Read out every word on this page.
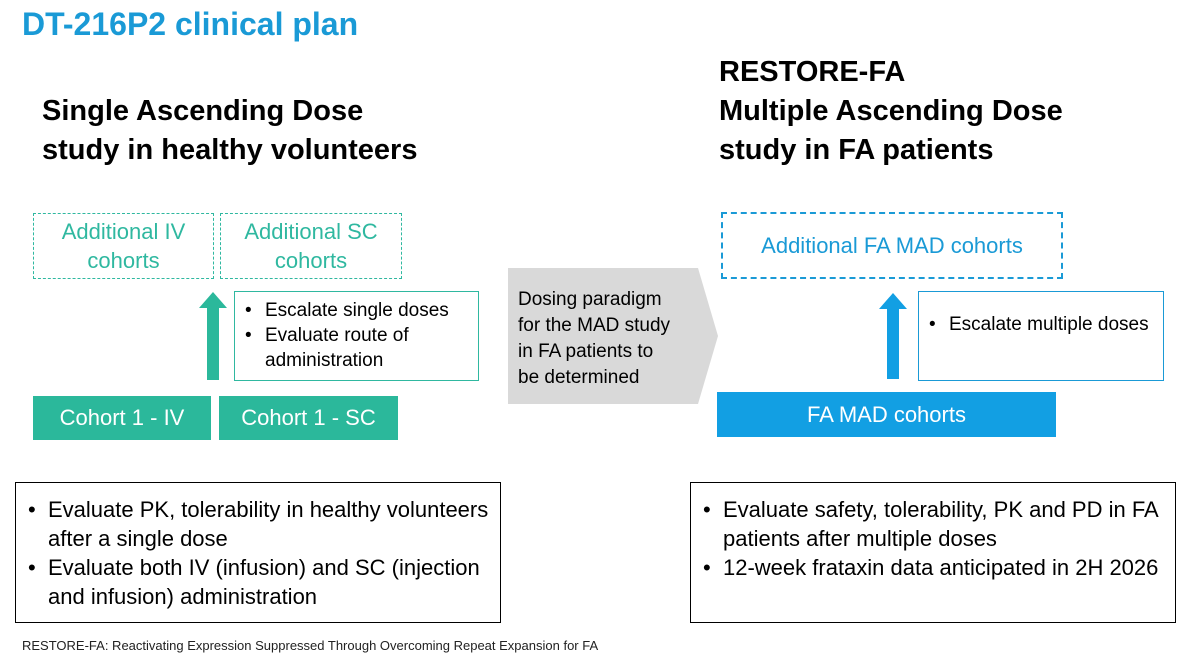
DT-216P2 clinical plan
Single Ascending Dose
study in healthy volunteers
RESTORE-FA
Multiple Ascending Dose
study in FA patients
Additional IV
cohorts
Additional SC
cohorts
• Escalate single doses
• Evaluate route of administration
Cohort 1 - IV	Cohort 1 - SC
Dosing paradigm
for the MAD study
in FA patients to
be determined
Additional FA MAD cohorts
• Escalate multiple doses
FA MAD cohorts
• Evaluate PK, tolerability in healthy volunteers after a single dose
• Evaluate both IV (infusion) and SC (injection and infusion) administration
• Evaluate safety, tolerability, PK and PD in FA patients after multiple doses
• 12-week frataxin data anticipated in 2H 2026
RESTORE-FA: Reactivating Expression Suppressed Through Overcoming Repeat Expansion for FA
